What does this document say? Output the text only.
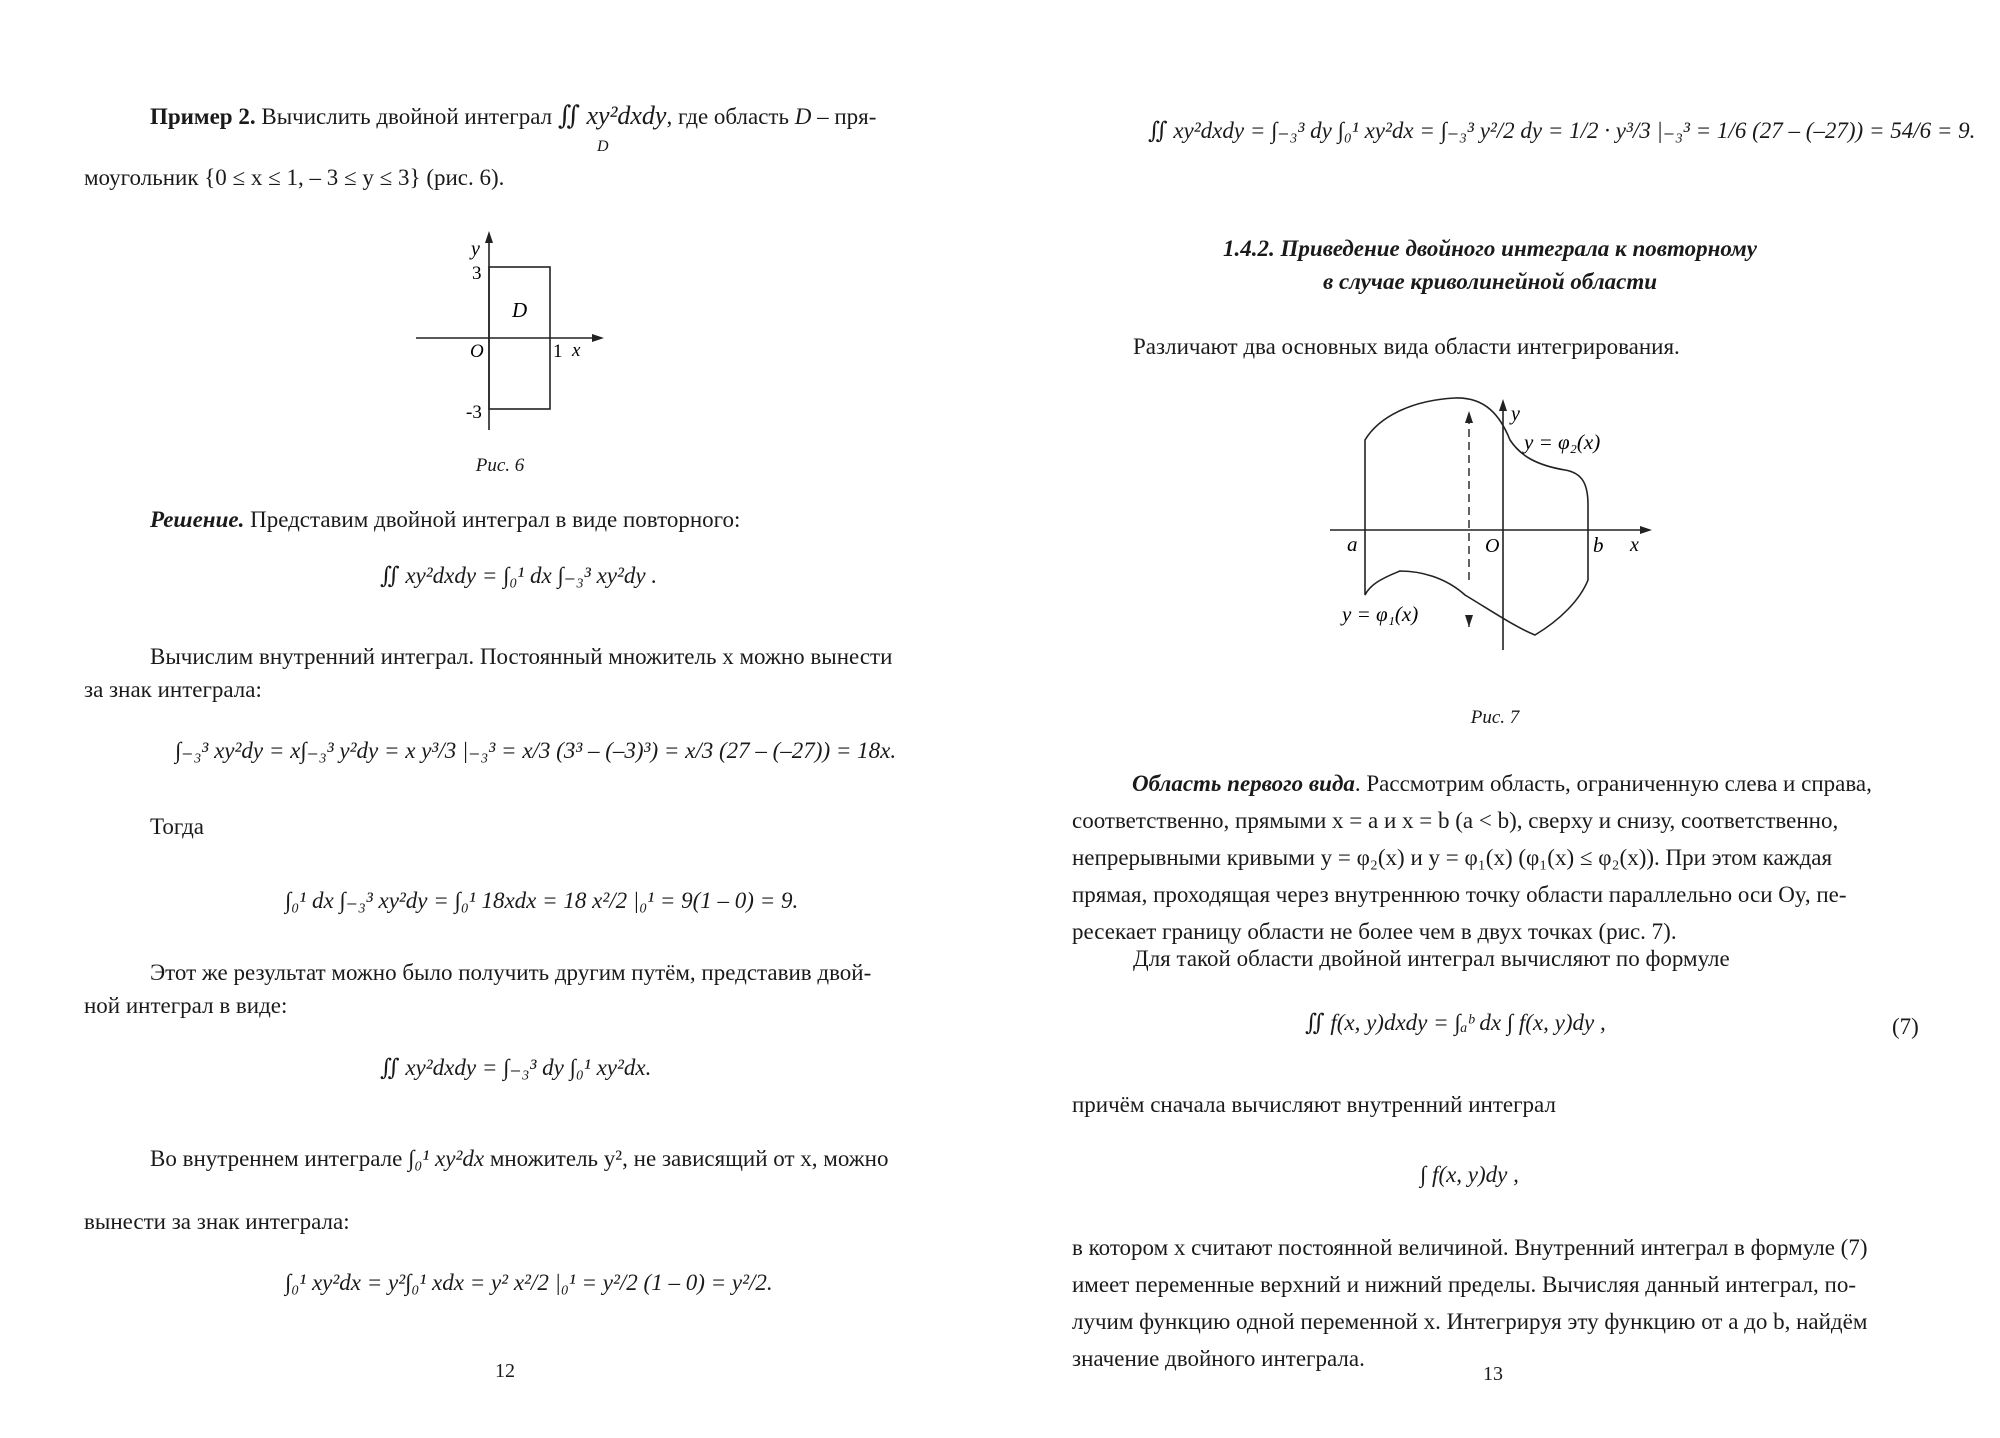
Пример 2. Вычислить двойной интеграл ∬ xy²dxdy, где область D – пря-
D
моугольник {0 ≤ x ≤ 1, – 3 ≤ y ≤ 3} (рис. 6).
y
3
D
O	1 x
-3
Рис. 6
Решение. Представим двойной интеграл в виде повторного:
∬ xy²dxdy = ∫₀¹ dx ∫₋₃³ xy²dy .
Вычислим внутренний интеграл. Постоянный множитель x можно вынести
за знак интеграла:
∫₋₃³ xy²dy = x∫₋₃³ y²dy = x y³/3 |₋₃³ = x/3 (3³ – (–3)³) = x/3 (27 – (–27)) = 18x.
Тогда
∫₀¹ dx ∫₋₃³ xy²dy = ∫₀¹ 18xdx = 18 x²/2 |₀¹ = 9(1 – 0) = 9.
Этот же результат можно было получить другим путём, представив двой-
ной интеграл в виде:
∬ xy²dxdy = ∫₋₃³ dy ∫₀¹ xy²dx.
Во внутреннем интеграле ∫₀¹ xy²dx множитель y², не зависящий от x, можно
вынести за знак интеграла:
∫₀¹ xy²dx = y²∫₀¹ xdx = y² x²/2 |₀¹ = y²/2 (1 – 0) = y²/2.
12
∬ xy²dxdy = ∫₋₃³ dy ∫₀¹ xy²dx = ∫₋₃³ y²/2 dy = 1/2 · y³/3 |₋₃³ = 1/6 (27 – (–27)) = 54/6 = 9.
1.4.2. Приведение двойного интеграла к повторному
в случае криволинейной области
Различают два основных вида области интегрирования.
y
y = φ₂(x)
a	O	b x
y = φ₁(x)
Рис. 7

Область первого вида. Рассмотрим область, ограниченную слева и справа,

соответственно, прямыми x = a и x = b (a < b), сверху и снизу, соответственно,

непрерывными кривыми y = φ₂(x) и y = φ₁(x) (φ₁(x) ≤ φ₂(x)). При этом каждая

прямая, проходящая через внутреннюю точку области параллельно оси Oy, пе-

ресекает границу области не более чем в двух точках (рис. 7).

Для такой области двойной интеграл вычисляют по формуле
∬ f(x, y)dxdy = ∫ₐᵇ dx ∫ f(x, y)dy ,	(7)
причём сначала вычисляют внутренний интеграл
∫ f(x, y)dy ,

в котором x считают постоянной величиной. Внутренний интеграл в формуле (7)

имеет переменные верхний и нижний пределы. Вычисляя данный интеграл, по-

лучим функцию одной переменной x. Интегрируя эту функцию от a до b, найдём

значение двойного интеграла.

13
